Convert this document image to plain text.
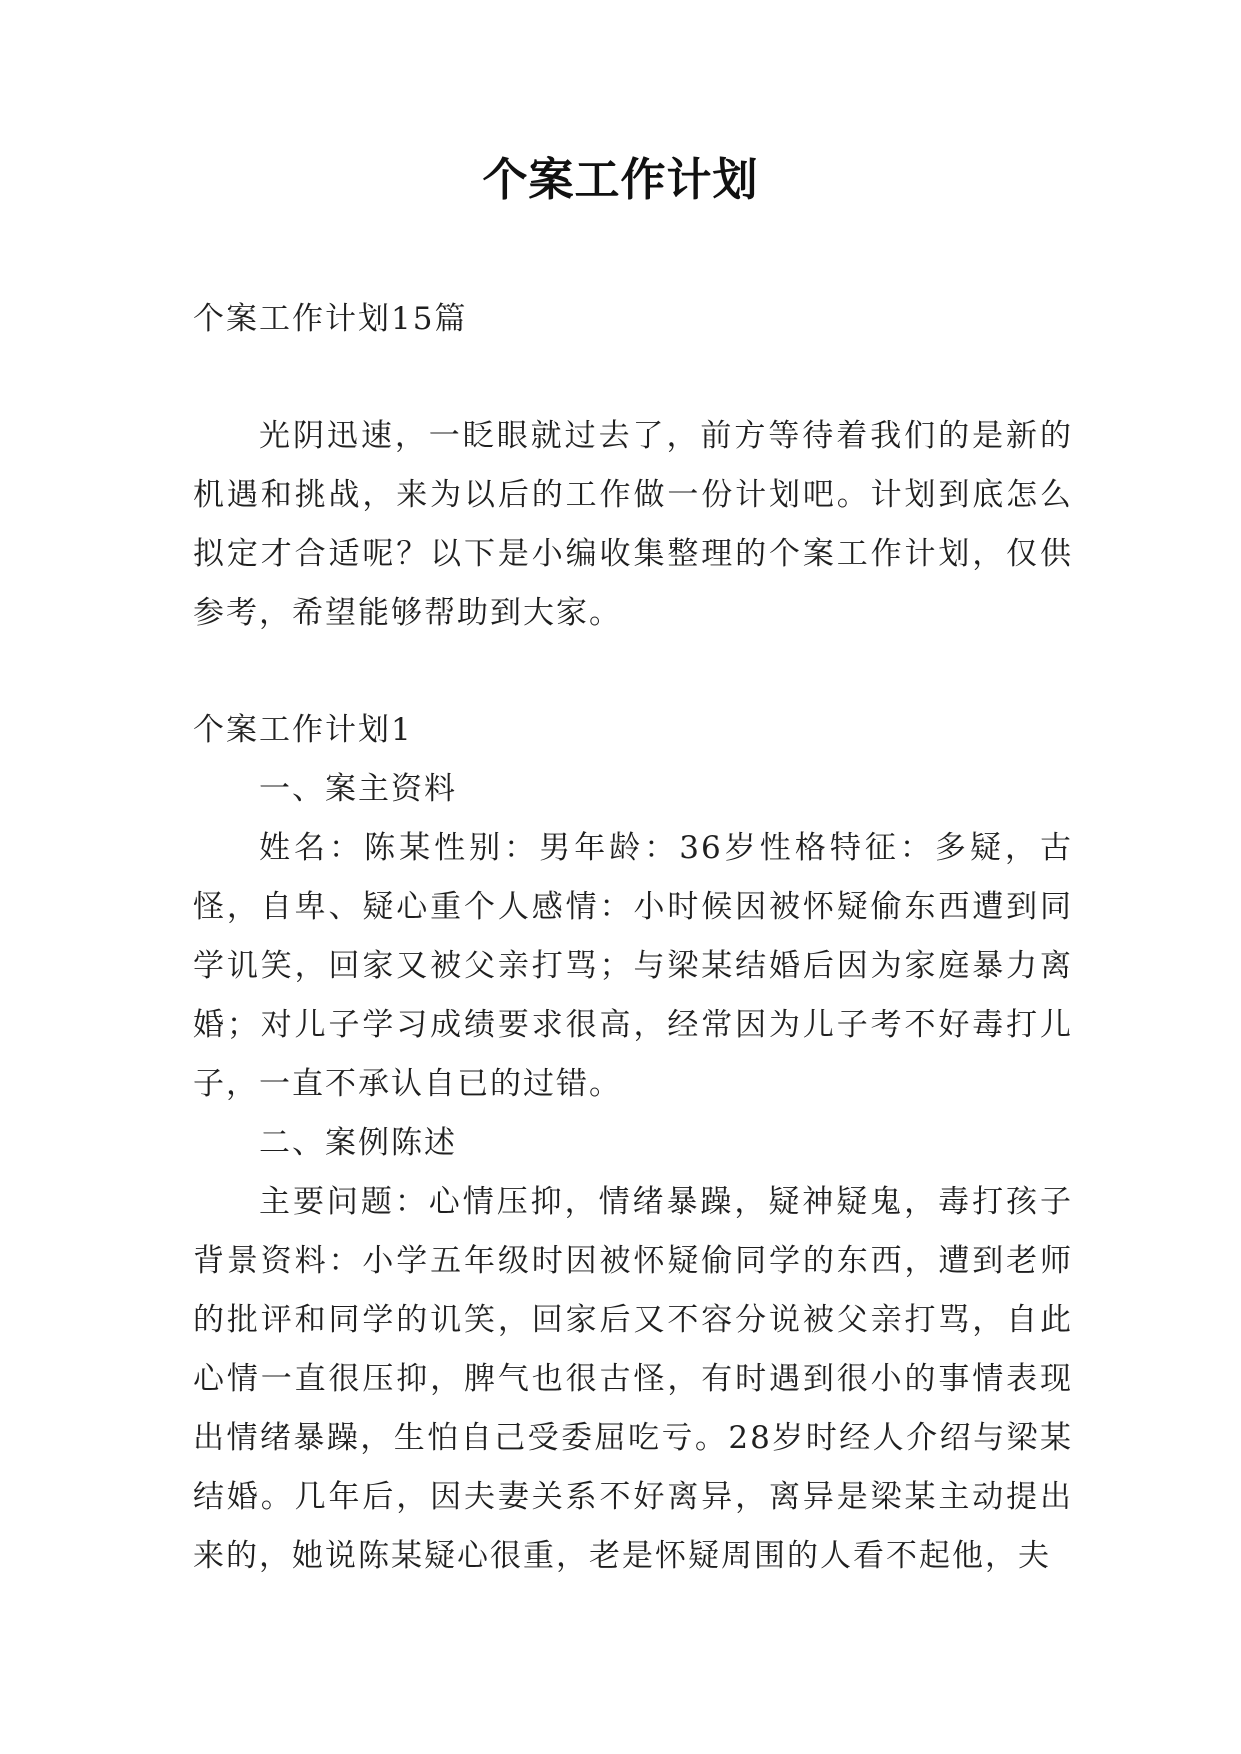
个案工作计划

个案工作计划15篇

光阴迅速，一眨眼就过去了，前方等待着我们的是新的机遇和挑战，来为以后的工作做一份计划吧。计划到底怎么拟定才合适呢？以下是小编收集整理的个案工作计划，仅供参考，希望能够帮助到大家。

个案工作计划1

一、案主资料

姓名：陈某性别：男年龄：36岁性格特征：多疑，古怪，自卑、疑心重个人感情：小时候因被怀疑偷东西遭到同学讥笑，回家又被父亲打骂；与梁某结婚后因为家庭暴力离婚；对儿子学习成绩要求很高，经常因为儿子考不好毒打儿子，一直不承认自已的过错。

二、案例陈述

主要问题：心情压抑，情绪暴躁，疑神疑鬼，毒打孩子背景资料：小学五年级时因被怀疑偷同学的东西，遭到老师的批评和同学的讥笑，回家后又不容分说被父亲打骂，自此心情一直很压抑，脾气也很古怪，有时遇到很小的事情表现出情绪暴躁，生怕自己受委屈吃亏。28岁时经人介绍与梁某结婚。几年后，因夫妻关系不好离异，离异是梁某主动提出来的，她说陈某疑心很重，老是怀疑周围的人看不起他，夫
